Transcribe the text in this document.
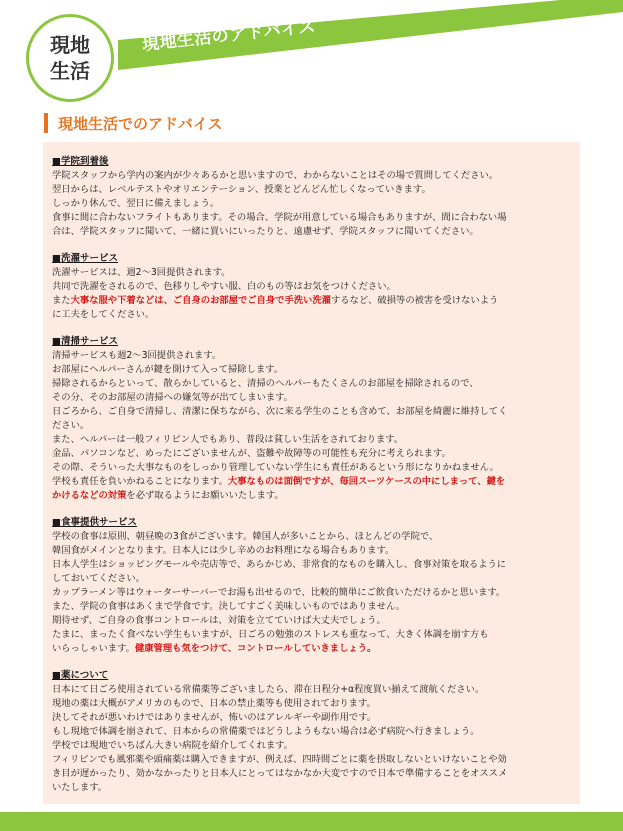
現地
生活
現地生活のアドバイス
現地生活でのアドバイス
■学院到着後
学院スタッフから学内の案内が少々あるかと思いますので、わからないことはその場で質問してください。
翌日からは、レベルテストやオリエンテーション、授業とどんどん忙しくなっていきます。
しっかり休んで、翌日に備えましょう。
食事に間に合わないフライトもあります。その場合、学院が用意している場合もありますが、間に合わない場
合は、学院スタッフに聞いて、一緒に買いにいったりと、遠慮せず、学院スタッフに聞いてください。
■洗濯サービス
洗濯サービスは、週2～3回提供されます。
共同で洗濯をされるので、色移りしやすい服、白のもの等はお気をつけください。
また大事な服や下着などは、ご自身のお部屋でご自身で手洗い洗濯するなど、破損等の被害を受けないよう
に工夫をしてください。
■清掃サービス
清掃サービスも週2～3回提供されます。
お部屋にヘルパーさんが鍵を開けて入って掃除します。
掃除されるからといって、散らかしていると、清掃のヘルパーもたくさんのお部屋を掃除されるので、
その分、そのお部屋の清掃への嫌気等が出てしまいます。
日ごろから、ご自身で清掃し、清潔に保ちながら、次に来る学生のことも含めて、お部屋を綺麗に維持してく
ださい。
また、ヘルパーは一般フィリピン人でもあり、普段は貧しい生活をされております。
金品、パソコンなど、めったにございませんが、盗難や故障等の可能性も充分に考えられます。
その際、そういった大事なものをしっかり管理していない学生にも責任があるという形になりかねません。
学校も責任を負いかねることになります。大事なものは面倒ですが、毎回スーツケースの中にしまって、鍵を
かけるなどの対策を必ず取るようにお願いいたします。
■食事提供サービス
学校の食事は原則、朝昼晩の3食がございます。韓国人が多いことから、ほとんどの学院で、
韓国食がメインとなります。日本人には少し辛めのお料理になる場合もあります。
日本人学生はショッピングモールや売店等で、あらかじめ、非常食的なものを購入し、食事対策を取るように
しておいてください。
カップラーメン等はウォーターサーバーでお湯も出せるので、比較的簡単にご飲食いただけるかと思います。
また、学院の食事はあくまで学食です。決してすごく美味しいものではありません。
期待せず、ご自身の食事コントロールは、対策を立てていけば大丈夫でしょう。
たまに、まったく食べない学生もいますが、日ごろの勉強のストレスも重なって、大きく体調を崩す方も
いらっしゃいます。健康管理も気をつけて、コントロールしていきましょう。
■薬について
日本にて日ごろ使用されている常備薬等ございましたら、滞在日程分+α程度買い揃えて渡航ください。
現地の薬は大概がアメリカのもので、日本の禁止薬等も使用されております。
決してそれが悪いわけではありませんが、怖いのはアレルギーや副作用です。
もし現地で体調を崩されて、日本からの常備薬ではどうしようもない場合は必ず病院へ行きましょう。
学校では現地でいちばん大きい病院を紹介してくれます。
フィリピンでも風邪薬や頭痛薬は購入できますが、例えば、四時間ごとに薬を摂取しないといけないことや効
き目が遅かったり、効かなかったりと日本人にとってはなかなか大変ですので日本で準備することをオススメ
いたします。
